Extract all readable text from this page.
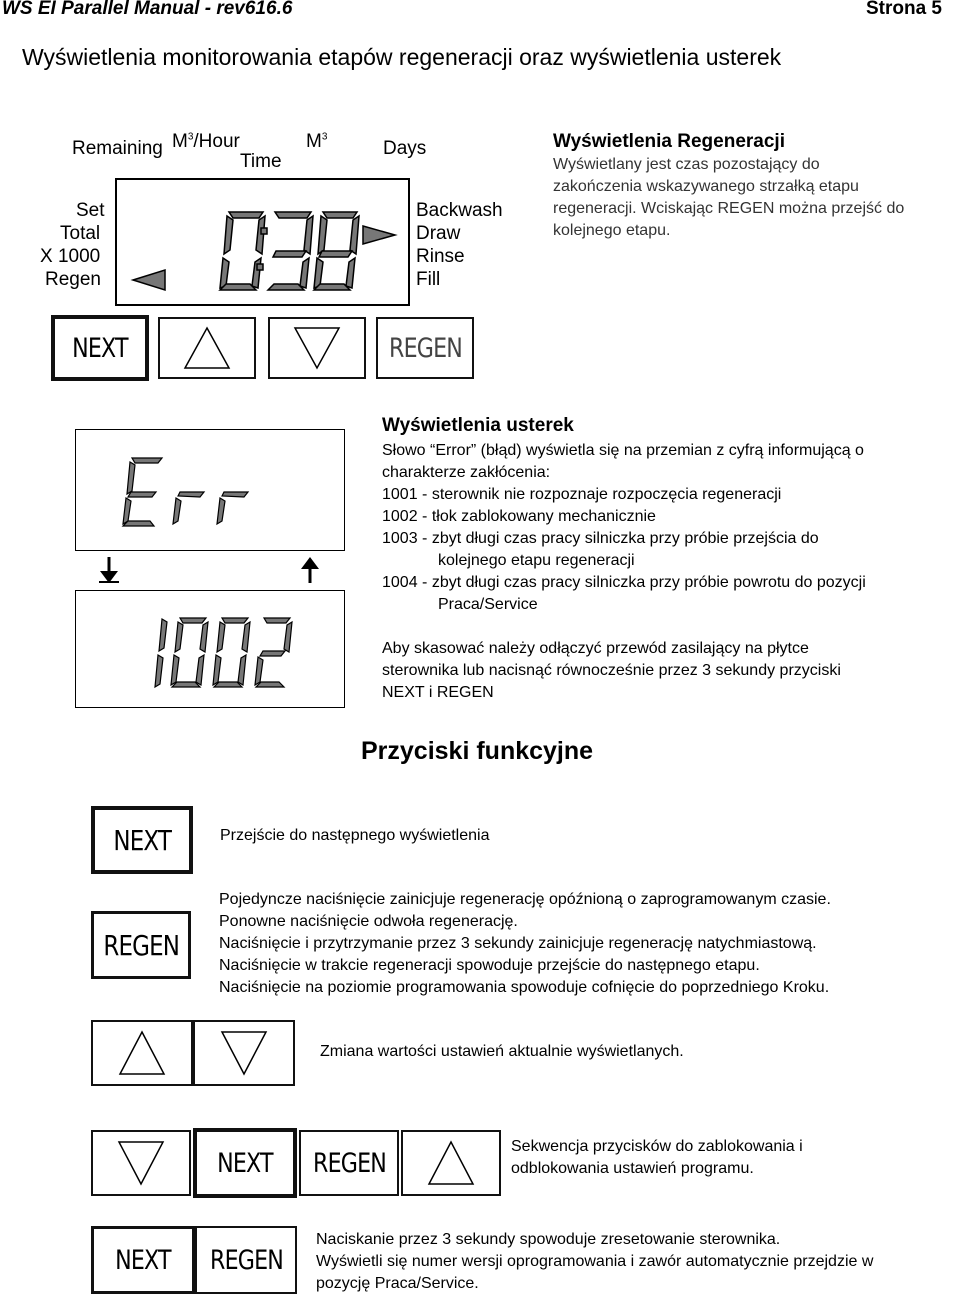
WS EI Parallel Manual - rev616.6	Strona 5
Wyświetlenia monitorowania etapów regeneracji oraz wyświetlenia usterek
Remaining $M^3$/Hour
Time
$M^3$
Days
Set
Total
X 1000
Regen
Backwash
Draw
Rinse
Fill
NEXT	REGEN
Wyświetlenia Regeneracji

Wyświetlany jest czas pozostający do

zakończenia wskazywanego strzałką etapu

regeneracji. Wciskając REGEN można przejść do

kolejnego etapu.

Wyświetlenia usterek

Słowo “Error” (błąd) wyświetla się na przemian z cyfrą informującą o

charakterze zakłócenia:

1001 - sterownik nie rozpoznaje rozpoczęcia regeneracji

1002 - tłok zablokowany mechanicznie

1003 - zbyt długi czas pracy silniczka przy próbie przejścia do

kolejnego etapu regeneracji

1004 - zbyt długi czas pracy silniczka przy próbie powrotu do pozycji

Praca/Service

Aby skasować należy odłączyć przewód zasilający na płytce

sterownika lub nacisnąć równocześnie przez 3 sekundy przyciski

NEXT i REGEN

Przyciski funkcyjne
NEXT	Przejście do następnego wyświetlenia
REGEN

Pojedyncze naciśnięcie zainicjuje regenerację opóźnioną o zaprogramowanym czasie.

Ponowne naciśnięcie odwoła regenerację.

Naciśnięcie i przytrzymanie przez 3 sekundy zainicjuje regenerację natychmiastową.

Naciśnięcie w trakcie regeneracji spowoduje przejście do następnego etapu.

Naciśnięcie na poziomie programowania spowoduje cofnięcie do poprzedniego Kroku.

Zmiana wartości ustawień aktualnie wyświetlanych.
NEXT REGEN

Sekwencja przycisków do zablokowania i

odblokowania ustawień programu.

NEXT REGEN

Naciskanie przez 3 sekundy spowoduje zresetowanie sterownika.

Wyświetli się numer wersji oprogramowania i zawór automatycznie przejdzie w

pozycję Praca/Service.
